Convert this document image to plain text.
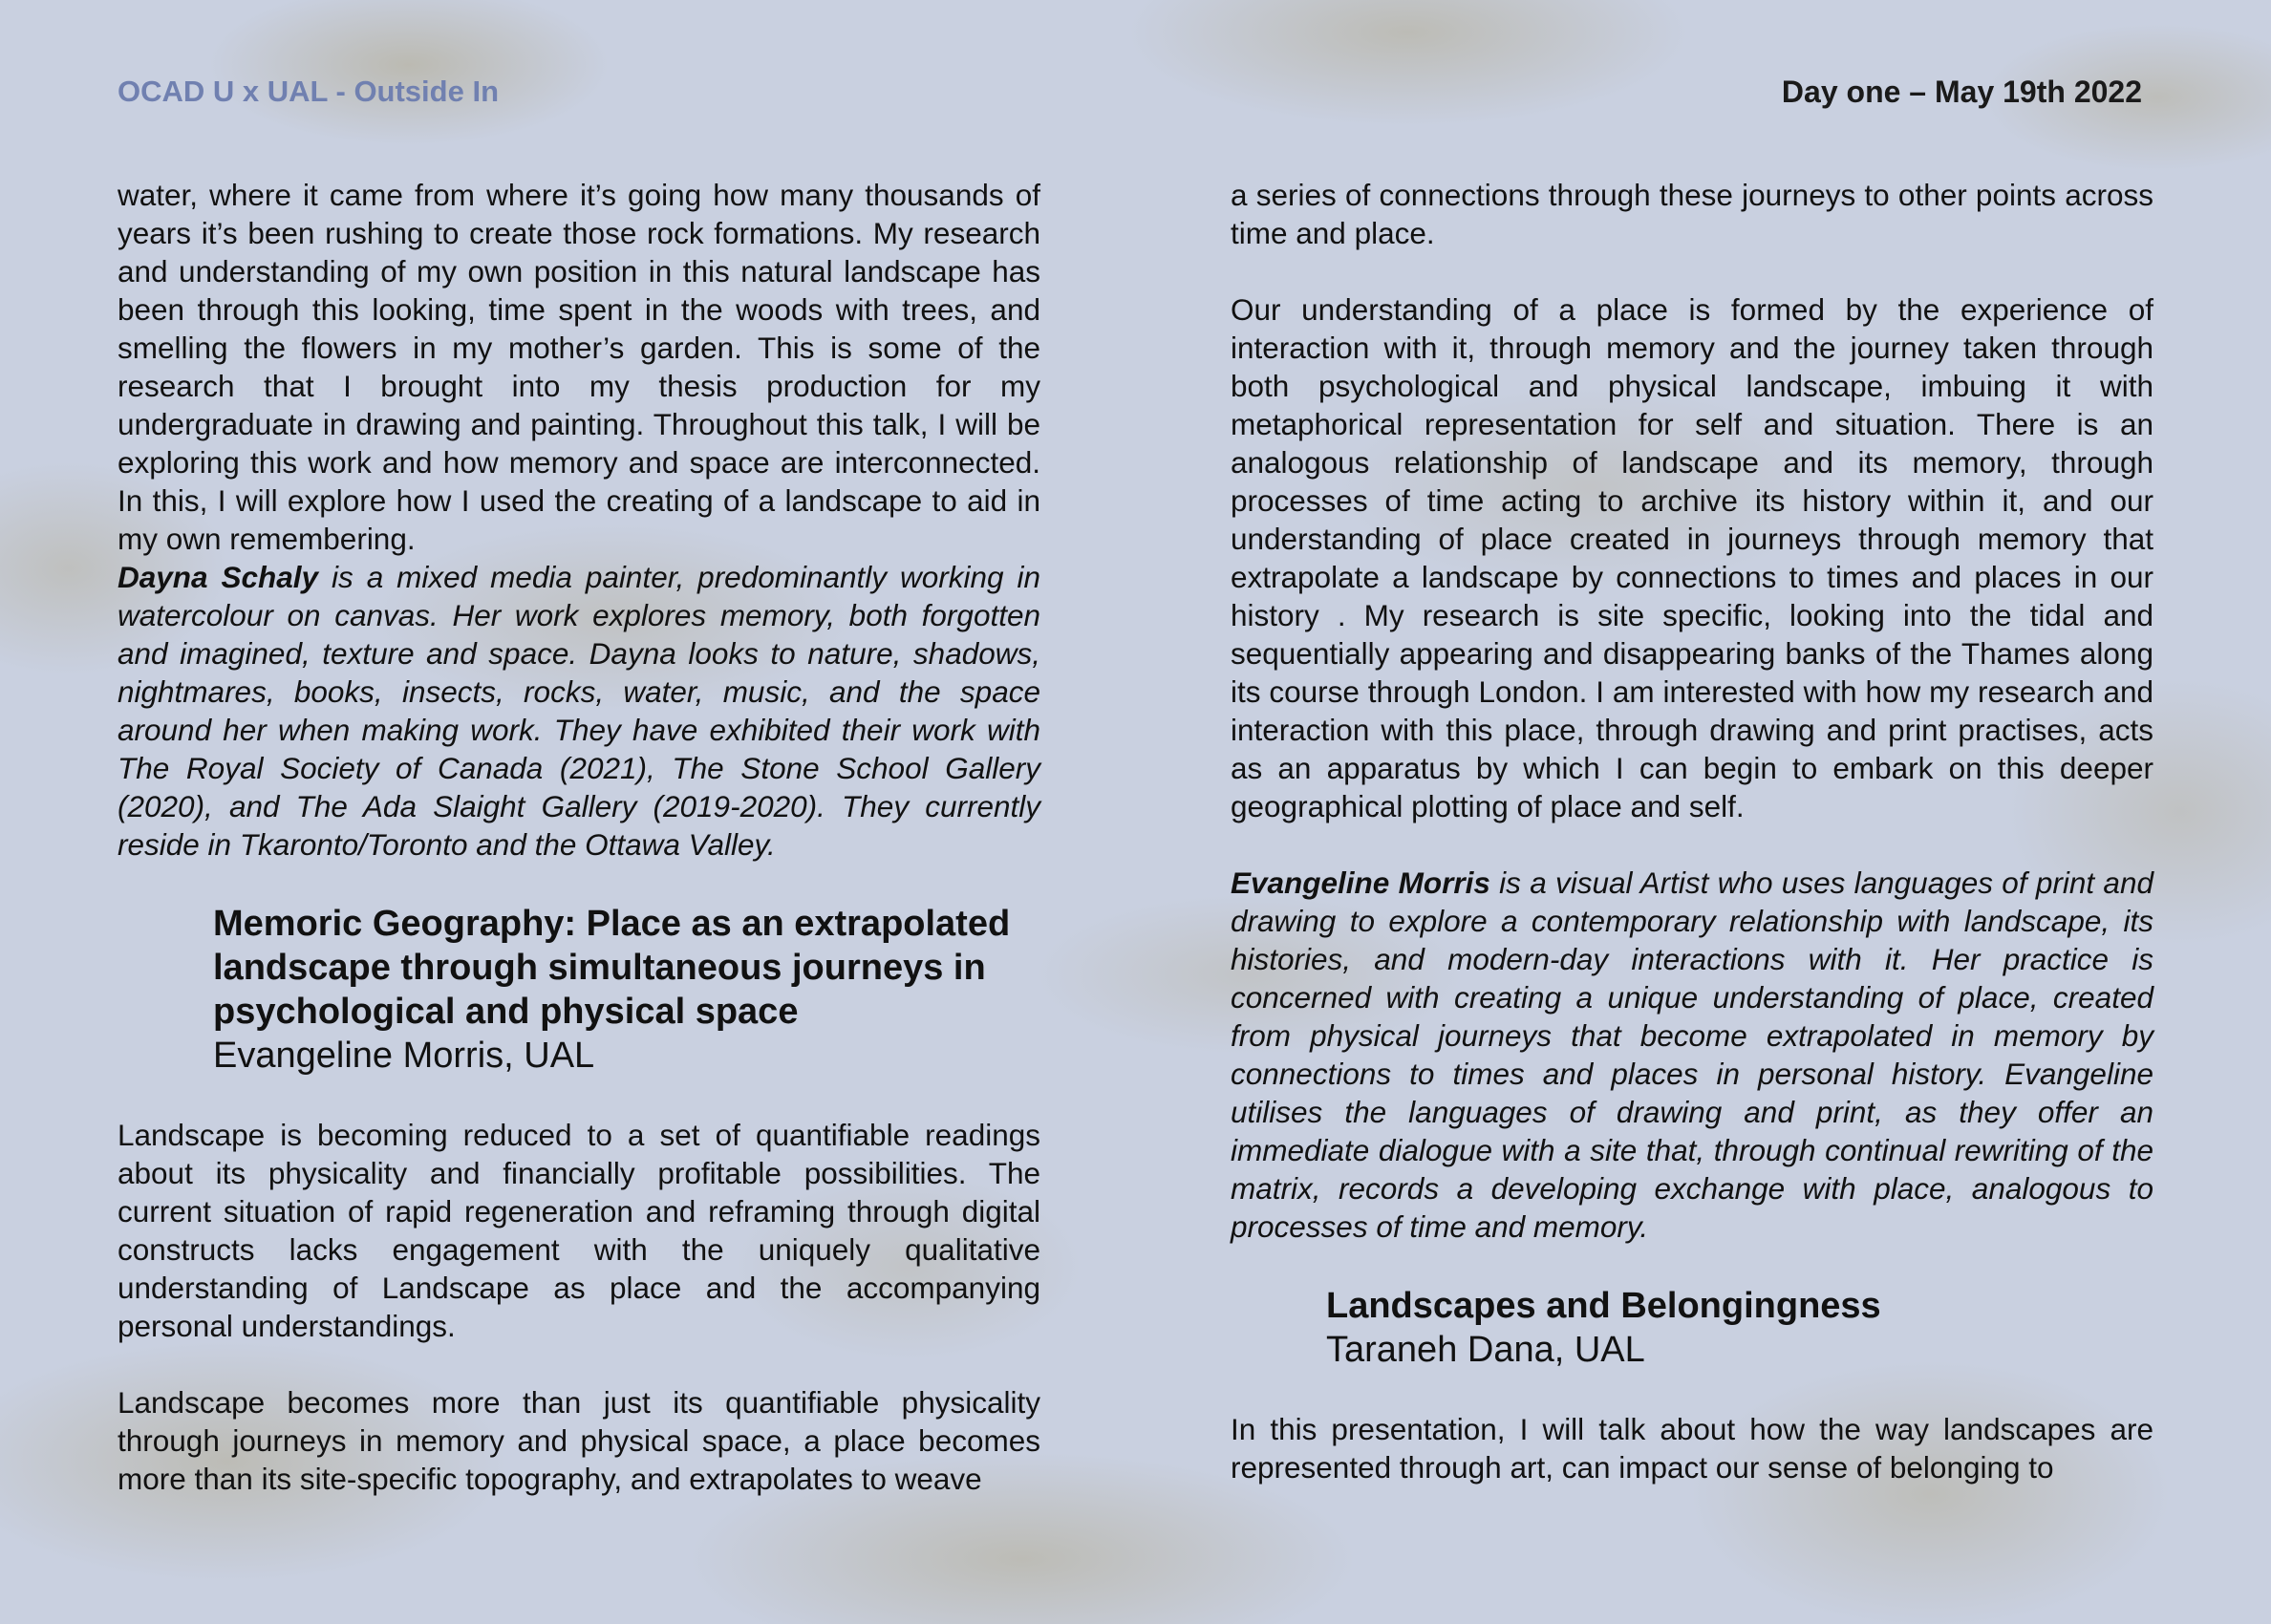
OCAD U x UAL - Outside In	Day one – May 19th 2022

water, where it came from where it’s going how many thousands of years it’s been rushing to create those rock formations. My research and understanding of my own position in this natural landscape has been through this looking, time spent in the woods with trees, and smelling the flowers in my mother’s garden. This is some of the research that I brought into my thesis production for my undergraduate in drawing and painting. Throughout this talk, I will be exploring this work and how memory and space are interconnected. In this, I will explore how I used the creating of a landscape to aid in my own remembering.

Dayna Schaly is a mixed media painter, predominantly working in watercolour on canvas. Her work explores memory, both forgotten and imagined, texture and space. Dayna looks to nature, shadows, nightmares, books, insects, rocks, water, music, and the space around her when making work. They have exhibited their work with The Royal Society of Canada (2021), The Stone School Gallery (2020), and The Ada Slaight Gallery (2019-2020). They currently reside in Tkaronto/Toronto and the Ottawa Valley.

Memoric Geography: Place as an extrapolated landscape through simultaneous journeys in psychological and physical space
Evangeline Morris, UAL

Landscape is becoming reduced to a set of quantifiable readings about its physicality and financially profitable possibilities. The current situation of rapid regeneration and reframing through digital constructs lacks engagement with the uniquely qualitative understanding of Landscape as place and the accompanying personal understandings.

Landscape becomes more than just its quantifiable physicality through journeys in memory and physical space, a place becomes more than its site-specific topography, and extrapolates to weave

a series of connections through these journeys to other points across time and place.

Our understanding of a place is formed by the experience of interaction with it, through memory and the journey taken through both psychological and physical landscape, imbuing it with metaphorical representation for self and situation. There is an analogous relationship of landscape and its memory, through processes of time acting to archive its history within it, and our understanding of place created in journeys through memory that extrapolate a landscape by connections to times and places in our history . My research is site specific, looking into the tidal and sequentially appearing and disappearing banks of the Thames along its course through London. I am interested with how my research and interaction with this place, through drawing and print practises, acts as an apparatus by which I can begin to embark on this deeper geographical plotting of place and self.

Evangeline Morris is a visual Artist who uses languages of print and drawing to explore a contemporary relationship with landscape, its histories, and modern-day interactions with it. Her practice is concerned with creating a unique understanding of place, created from physical journeys that become extrapolated in memory by connections to times and places in personal history. Evangeline utilises the languages of drawing and print, as they offer an immediate dialogue with a site that, through continual rewriting of the matrix, records a developing exchange with place, analogous to processes of time and memory.

Landscapes and Belongingness
Taraneh Dana, UAL

In this presentation, I will talk about how the way landscapes are represented through art, can impact our sense of belonging to
